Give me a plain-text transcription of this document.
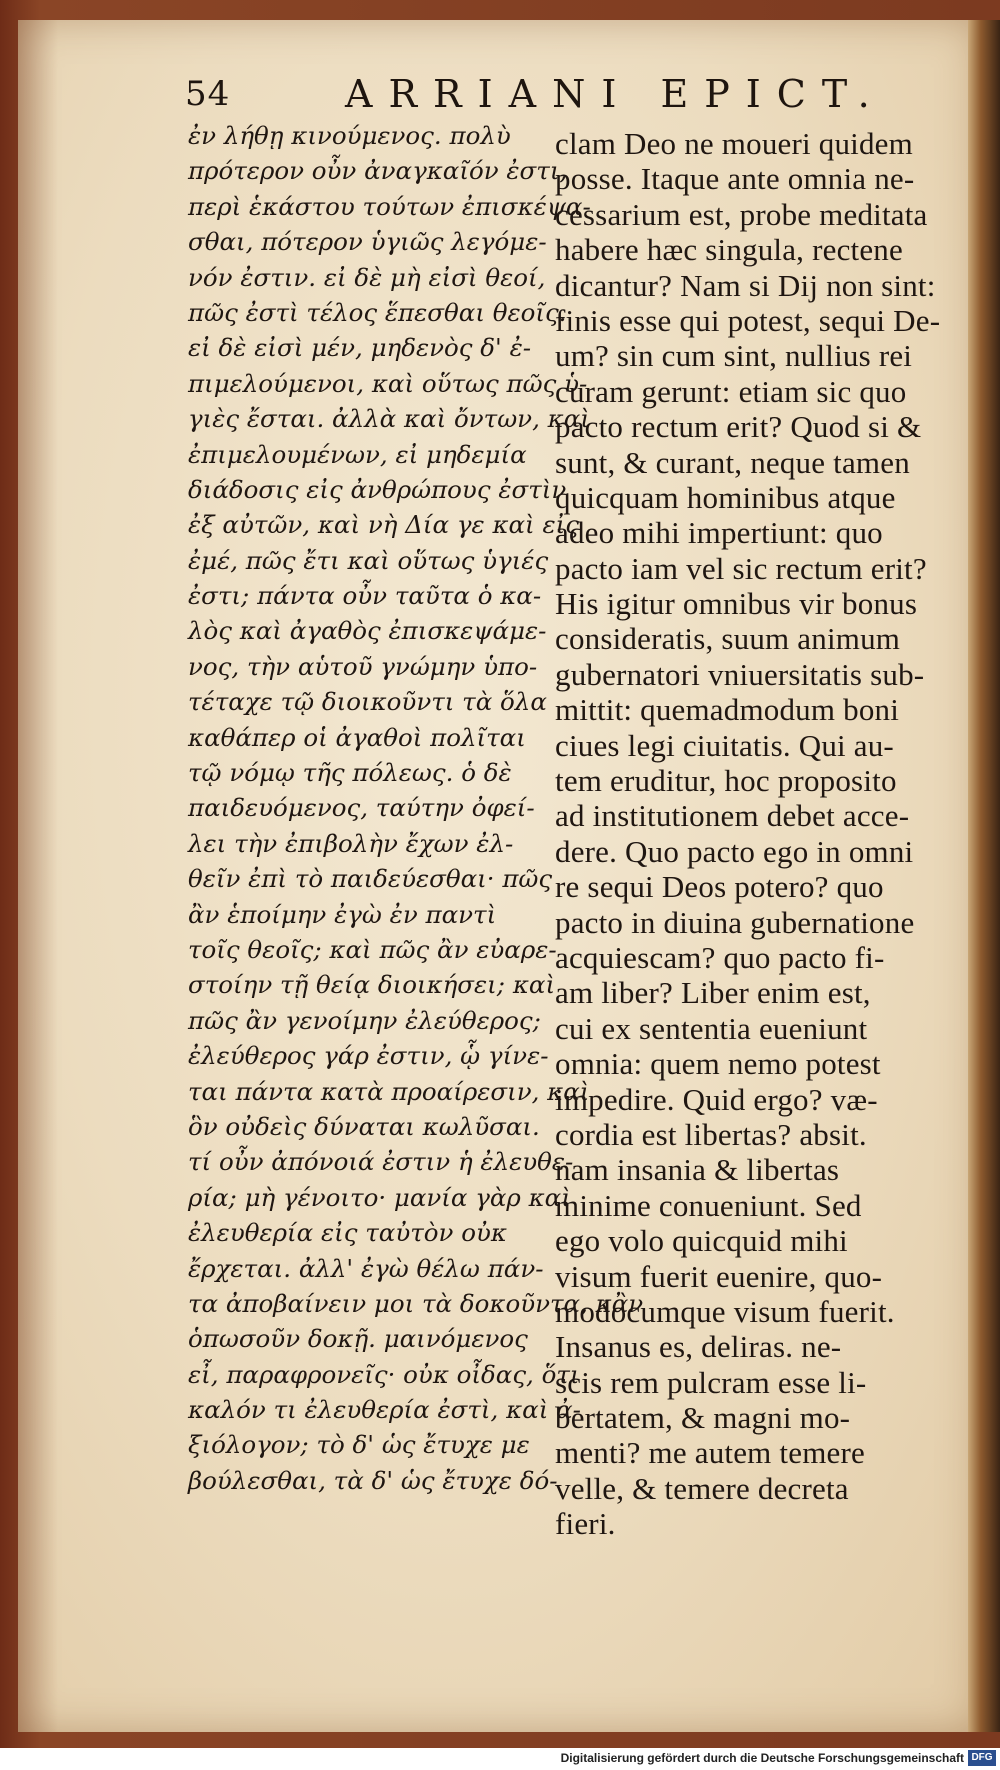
54	ARRIANI EPICT.
ἐν λήθῃ κινούμενος. πολὺ
πρότερον οὖν ἀναγκαῖόν ἐστι,
περὶ ἑκάστου τούτων ἐπισκέψα-
σθαι, πότερον ὑγιῶς λεγόμε-
νόν ἐστιν. εἰ δὲ μὴ εἰσὶ θεοί,
πῶς ἐστὶ τέλος ἕπεσθαι θεοῖς.
εἰ δὲ εἰσὶ μέν, μηδενὸς δ' ἐ-
πιμελούμενοι, καὶ οὕτως πῶς ὑ-
γιὲς ἔσται. ἀλλὰ καὶ ὄντων, καὶ
ἐπιμελουμένων, εἰ μηδεμία
διάδοσις εἰς ἀνθρώπους ἐστὶν
ἐξ αὐτῶν, καὶ νὴ Δία γε καὶ εἰς
ἐμέ, πῶς ἔτι καὶ οὕτως ὑγιές
ἐστι; πάντα οὖν ταῦτα ὁ κα-
λὸς καὶ ἀγαθὸς ἐπισκεψάμε-
νος, τὴν αὑτοῦ γνώμην ὑπο-
τέταχε τῷ διοικοῦντι τὰ ὅλα
καθάπερ οἱ ἀγαθοὶ πολῖται
τῷ νόμῳ τῆς πόλεως. ὁ δὲ
παιδευόμενος, ταύτην ὀφεί-
λει τὴν ἐπιβολὴν ἔχων ἐλ-
θεῖν ἐπὶ τὸ παιδεύεσθαι· πῶς
ἂν ἑποίμην ἐγὼ ἐν παντὶ
τοῖς θεοῖς; καὶ πῶς ἂν εὐαρε-
στοίην τῇ θείᾳ διοικήσει; καὶ
πῶς ἂν γενοίμην ἐλεύθερος;
ἐλεύθερος γάρ ἐστιν, ᾧ γίνε-
ται πάντα κατὰ προαίρεσιν, καὶ
ὃν οὐδεὶς δύναται κωλῦσαι.
τί οὖν ἀπόνοιά ἐστιν ἡ ἐλευθε-
ρία; μὴ γένοιτο· μανία γὰρ καὶ
ἐλευθερία εἰς ταὐτὸν οὐκ
ἔρχεται. ἀλλ' ἐγὼ θέλω πάν-
τα ἀποβαίνειν μοι τὰ δοκοῦντα, κἂν
ὁπωσοῦν δοκῇ. μαινόμενος
εἶ, παραφρονεῖς· οὐκ οἶδας, ὅτι
καλόν τι ἐλευθερία ἐστὶ, καὶ ἀ-
ξιόλογον; τὸ δ' ὡς ἔτυχε με
βούλεσθαι, τὰ δ' ὡς ἔτυχε δό-
clam Deo ne moueri quidem
posse. Itaque ante omnia ne-
cessarium est, probe meditata
habere hæc singula, rectene
dicantur? Nam si Dij non sint:
finis esse qui potest, sequi De-
um? sin cum sint, nullius rei
curam gerunt: etiam sic quo
pacto rectum erit? Quod si &
sunt, & curant, neque tamen
quicquam hominibus atque
adeo mihi impertiunt: quo
pacto iam vel sic rectum erit?
His igitur omnibus vir bonus
consideratis, suum animum
gubernatori vniuersitatis sub-
mittit: quemadmodum boni
ciues legi ciuitatis. Qui au-
tem eruditur, hoc proposito
ad institutionem debet acce-
dere. Quo pacto ego in omni
re sequi Deos potero? quo
pacto in diuina gubernatione
acquiescam? quo pacto fi-
am liber? Liber enim est,
cui ex sententia eueniunt
omnia: quem nemo potest
impedire. Quid ergo? væ-
cordia est libertas? absit.
nam insania & libertas
minime conueniunt. Sed
ego volo quicquid mihi
visum fuerit euenire, quo-
modocumque visum fuerit.
Insanus es, deliras. ne-
scis rem pulcram esse li-
bertatem, & magni mo-
menti? me autem temere
velle, & temere decreta
fieri.
Digitalisierung gefördert durch die Deutsche Forschungsgemeinschaft DFG
